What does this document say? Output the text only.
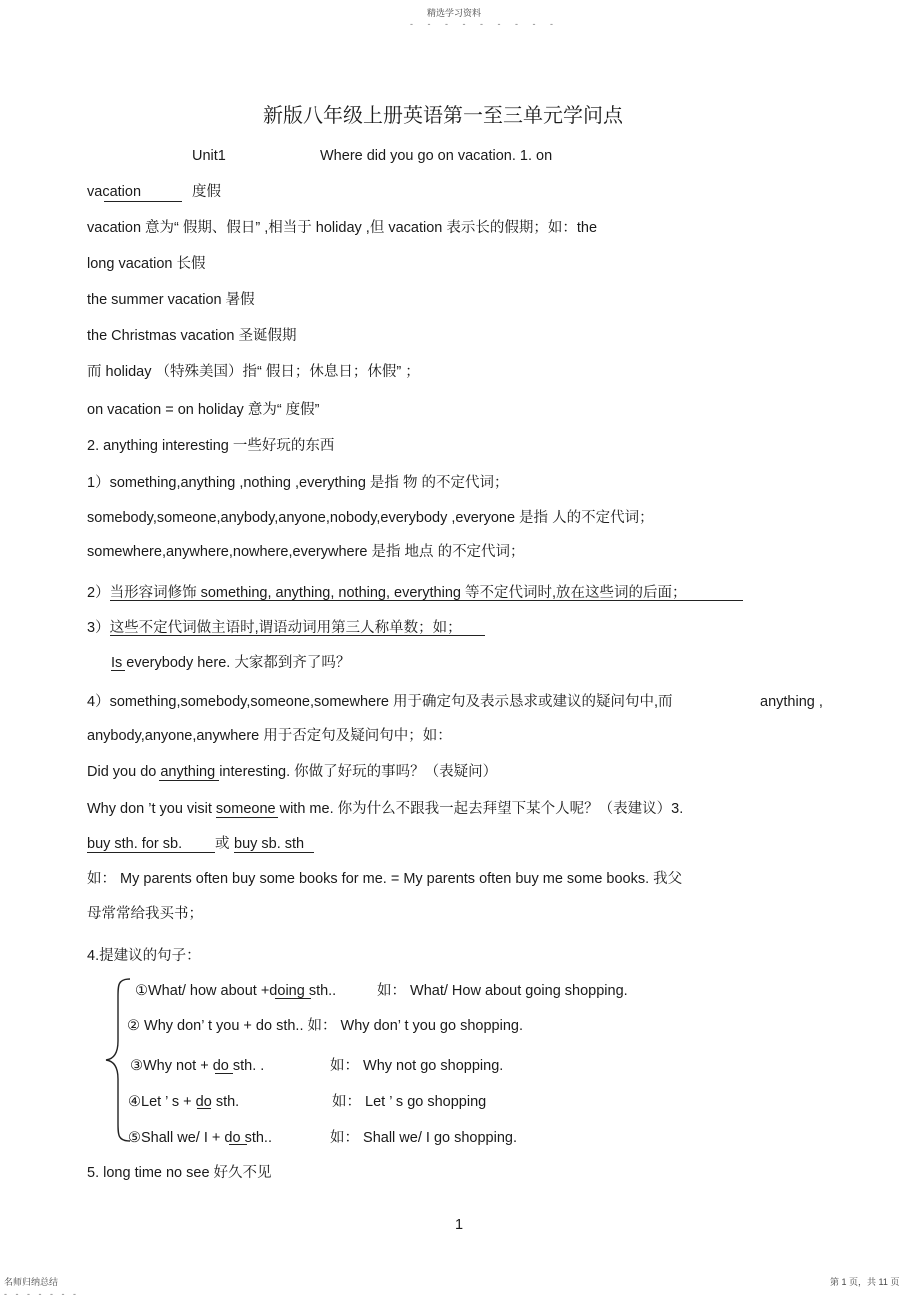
精选学习资料
- - - - - - - - -
新版八年级上册英语第一至三单元学问点
Unit1	Where did you go on vacation. 1. on
vacation	度假
vacation 意为“ 假期、假日” ,相当于 holiday ,但 vacation 表示长的假期；如：the
long vacation 长假
the summer vacation 暑假
the Christmas vacation 圣诞假期
而 holiday （特殊美国）指“ 假日；休息日；休假” ；
on vacation = on holiday 意为“ 度假”
2. anything interesting 一些好玩的东西
1）something,anything ,nothing ,everything 是指 物 的不定代词；
somebody,someone,anybody,anyone,nobody,everybody ,everyone 是指 人的不定代词；
somewhere,anywhere,nowhere,everywhere 是指 地点 的不定代词；
2）当形容词修饰 something, anything, nothing, everything 等不定代词时,放在这些词的后面；
3）这些不定代词做主语时,谓语动词用第三人称单数；如；
Is everybody here. 大家都到齐了吗？
4）something,somebody,someone,somewhere 用于确定句及表示恳求或建议的疑问句中,而	anything ,
anybody,anyone,anywhere 用于否定句及疑问句中；如：
Did you do anything interesting. 你做了好玩的事吗？（表疑问）
Why don ’t you visit someone with me. 你为什么不跟我一起去拜望下某个人呢？（表建议）3.
buy sth. for sb. 或 buy sb. sth
如： My parents often buy some books for me. = My parents often buy me some books. 我父
母常常给我买书；
4.提建议的句子：
①What/ how about +doing sth..	如： What/ How about going shopping.
② Why don’ t you + do sth.. 如： Why don’ t you go shopping.
③Why not + do sth. .	如： Why not go shopping.
④Let ’ s + do sth.	如： Let ’ s go shopping
⑤Shall we/ I + do sth..	如： Shall we/ I go shopping.
5. long time no see 好久不见
1
名师归纳总结
- - - - - - -
第 1 页，共 11 页
